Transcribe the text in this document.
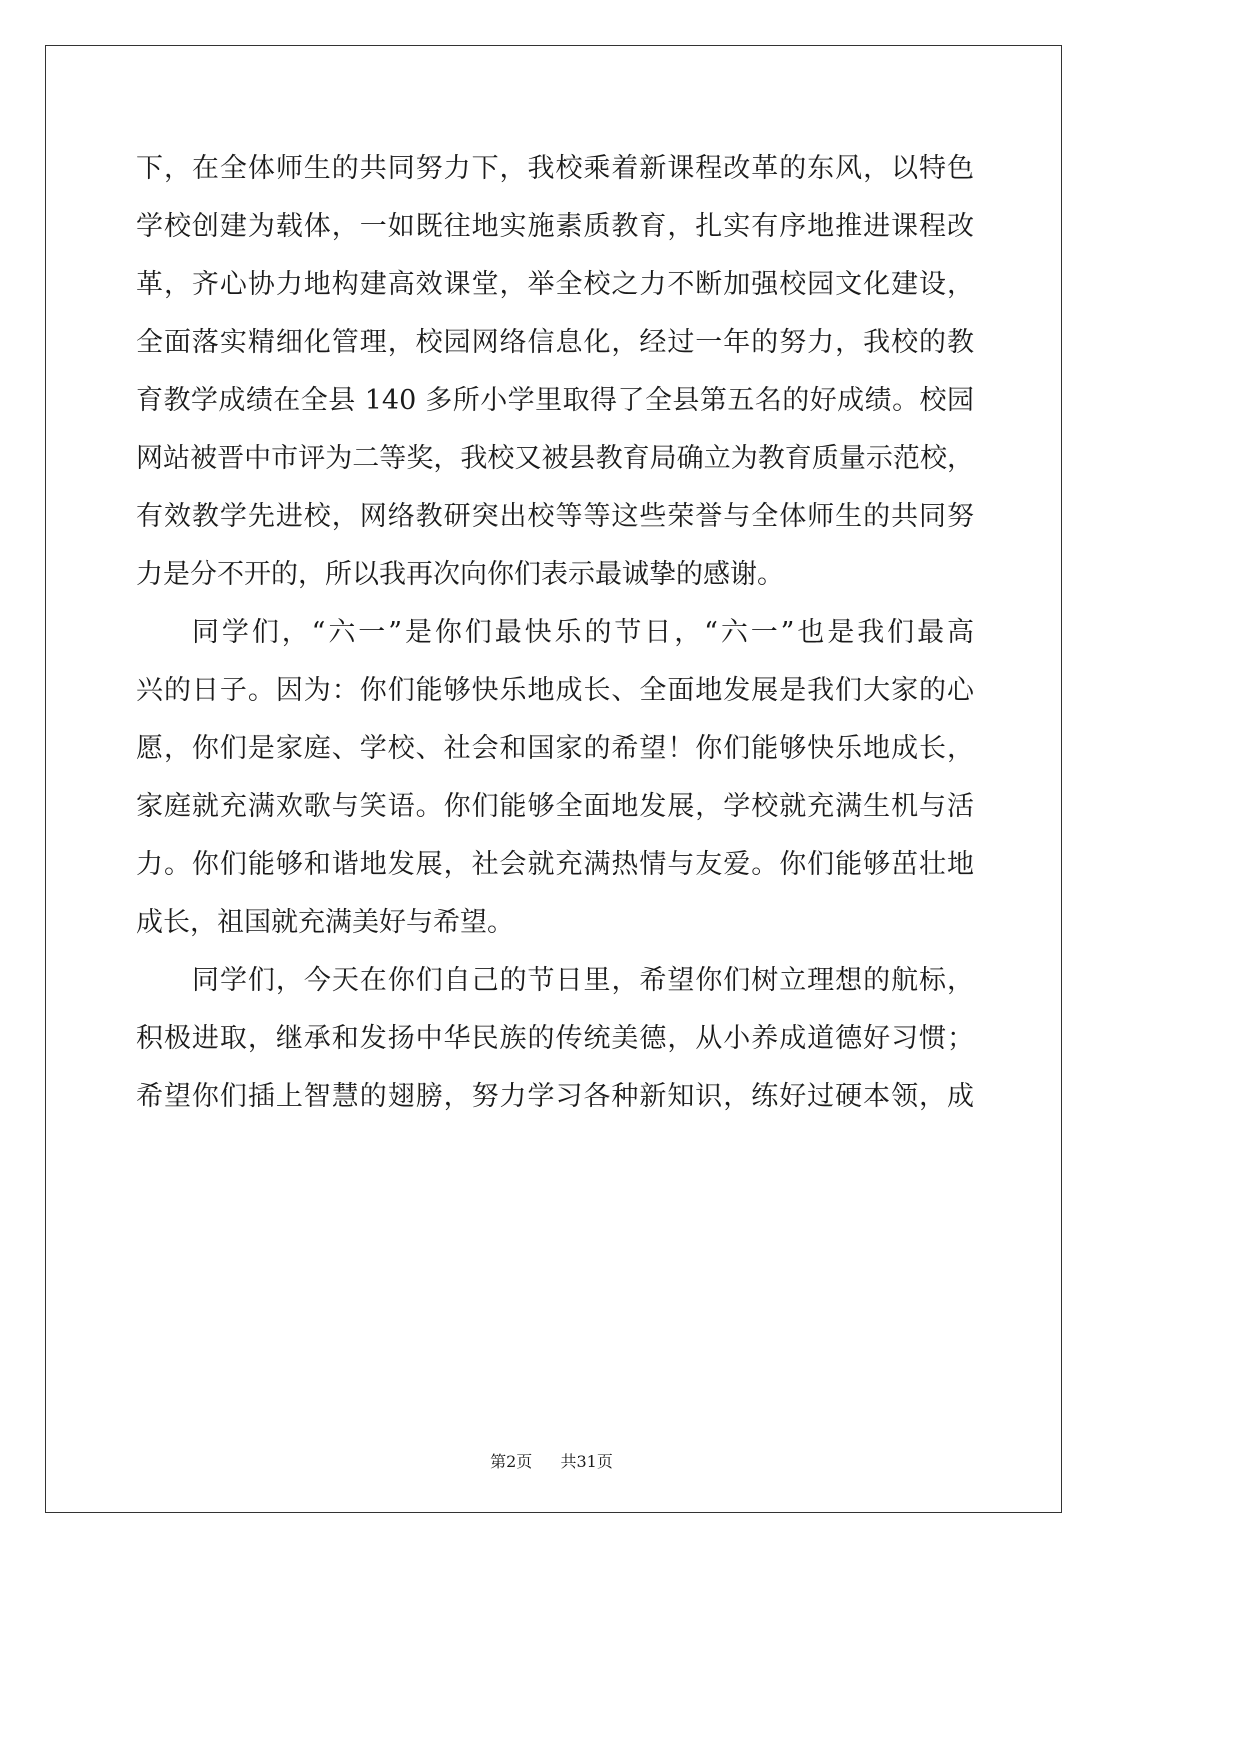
下，在全体师生的共同努力下，我校乘着新课程改革的东风，以特色
学校创建为载体，一如既往地实施素质教育，扎实有序地推进课程改
革，齐心协力地构建高效课堂，举全校之力不断加强校园文化建设，
全面落实精细化管理，校园网络信息化，经过一年的努力，我校的教
育教学成绩在全县 140 多所小学里取得了全县第五名的好成绩。校园
网站被晋中市评为二等奖，我校又被县教育局确立为教育质量示范校，
有效教学先进校，网络教研突出校等等这些荣誉与全体师生的共同努
力是分不开的，所以我再次向你们表示最诚挚的感谢。
同学们，“六一”是你们最快乐的节日，“六一”也是我们最高
兴的日子。因为：你们能够快乐地成长、全面地发展是我们大家的心
愿，你们是家庭、学校、社会和国家的希望！你们能够快乐地成长，
家庭就充满欢歌与笑语。你们能够全面地发展，学校就充满生机与活
力。你们能够和谐地发展，社会就充满热情与友爱。你们能够茁壮地
成长，祖国就充满美好与希望。
同学们，今天在你们自己的节日里，希望你们树立理想的航标，
积极进取，继承和发扬中华民族的传统美德，从小养成道德好习惯；
希望你们插上智慧的翅膀，努力学习各种新知识，练好过硬本领，成
第2页 共31页
